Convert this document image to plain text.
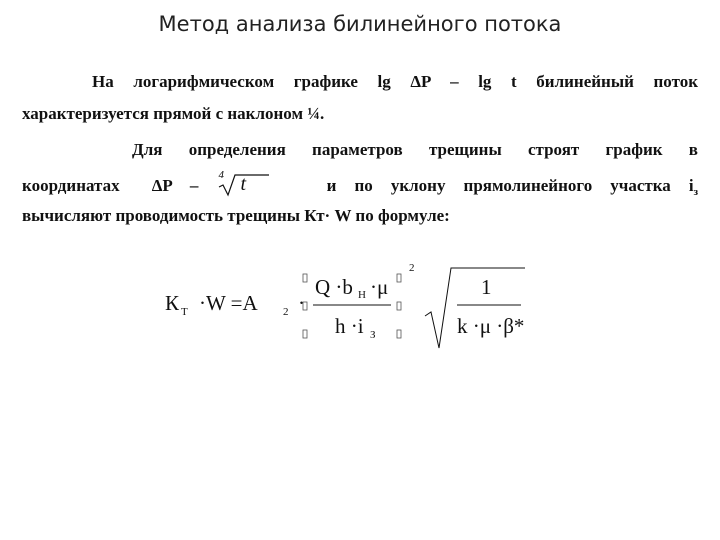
Метод анализа билинейного потока
На логарифмическом графике lg ΔP – lg t билинейный поток
характеризуется прямой с наклоном ¼.
Для определения параметров трещины строят график в
координатах ΔP –
4 t	и по уклону прямолинейного участка $i_з$
вычисляют проводимость трещины Кт· W по формуле:
К Т ·W =A 2 ·
Q ·b Н ·μ
h ·i З
2
1
k ·μ ·β*
